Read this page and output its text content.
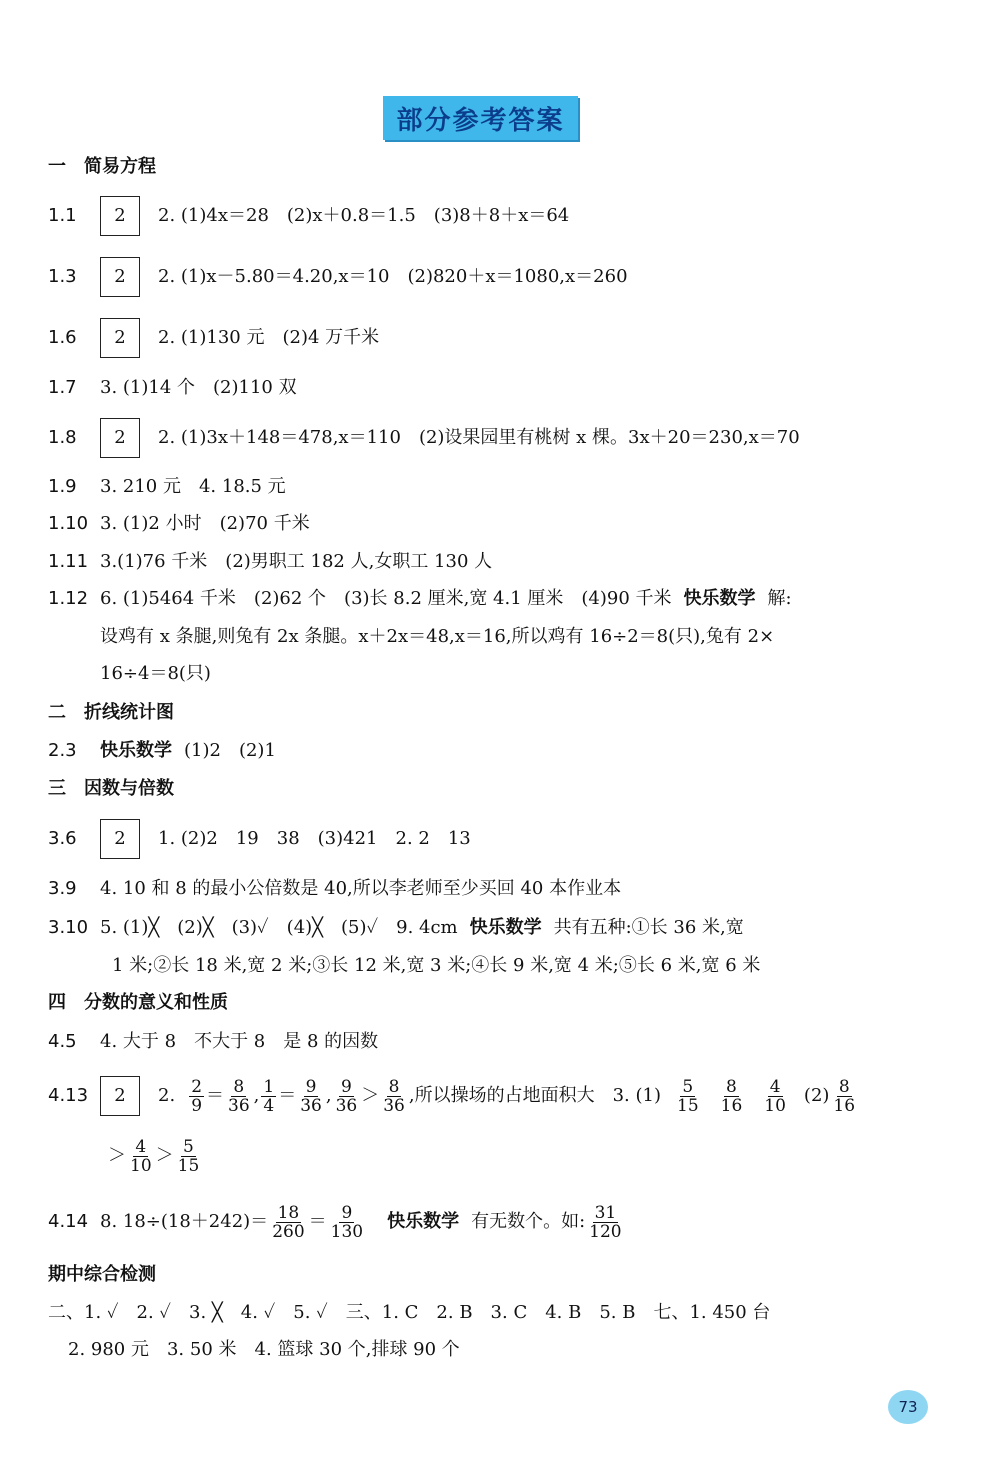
部分参考答案
一　简易方程
1.1	2	2. (1)4x＝28　(2)x＋0.8＝1.5　(3)8＋8＋x＝64
1.3	2	2. (1)x－5.80＝4.20,x＝10　(2)820＋x＝1080,x＝260
1.6	2	2. (1)130 元　(2)4 万千米
1.7	3. (1)14 个　(2)110 双
1.8	2	2. (1)3x＋148＝478,x＝110　(2)设果园里有桃树 x 棵。3x＋20＝230,x＝70
1.9	3. 210 元　4. 18.5 元
1.10 3. (1)2 小时　(2)70 千米
1.11 3.(1)76 千米　(2)男职工 182 人,女职工 130 人
1.12 6. (1)5464 千米　(2)62 个　(3)长 8.2 厘米,宽 4.1 厘米　(4)90 千米 快乐数学 解:
设鸡有 x 条腿,则兔有 2x 条腿。x＋2x＝48,x＝16,所以鸡有 16÷2＝8(只),兔有 2×
16÷4＝8(只)
二　折线统计图
2.3	快乐数学 (1)2　(2)1
三　因数与倍数
3.6	2	1. (2)2　19　38　(3)421　2. 2　13
3.9	4. 10 和 8 的最小公倍数是 40,所以李老师至少买回 40 本作业本
3.10 5. (1)╳　(2)╳　(3)✓　(4)╳　(5)✓　9. 4cm 快乐数学 共有五种:①长 36 米,宽
1 米;②长 18 米,宽 2 米;③长 12 米,宽 3 米;④长 9 米,宽 4 米;⑤长 6 米,宽 6 米
四　分数的意义和性质
4.5	4. 大于 8　不大于 8　是 8 的因数
4.13	2	2. $\frac{2}{9} = \frac{8}{36}$ , $\frac{1}{4} = \frac{9}{36}$ , $\frac{9}{36} > \frac{8}{36}$ ,所以操场的占地面积大　3. $(1) \frac{5}{15} \frac{8}{16} \frac{4}{10} (2) \frac{8}{16}$
＞ $\frac{4}{10} > \frac{5}{15}$
4.14 8. $18\div(18+242)= \frac{18}{260} = \frac{9}{130}$ 快乐数学 有无数个。如: $\frac{31}{120}$
期中综合检测
二、1. ✓　2. ✓　3. ╳　4. ✓　5. ✓　三、1. C　2. B　3. C　4. B　5. B　七、1. 450 台
2. 980 元　3. 50 米　4. 篮球 30 个,排球 90 个
73
